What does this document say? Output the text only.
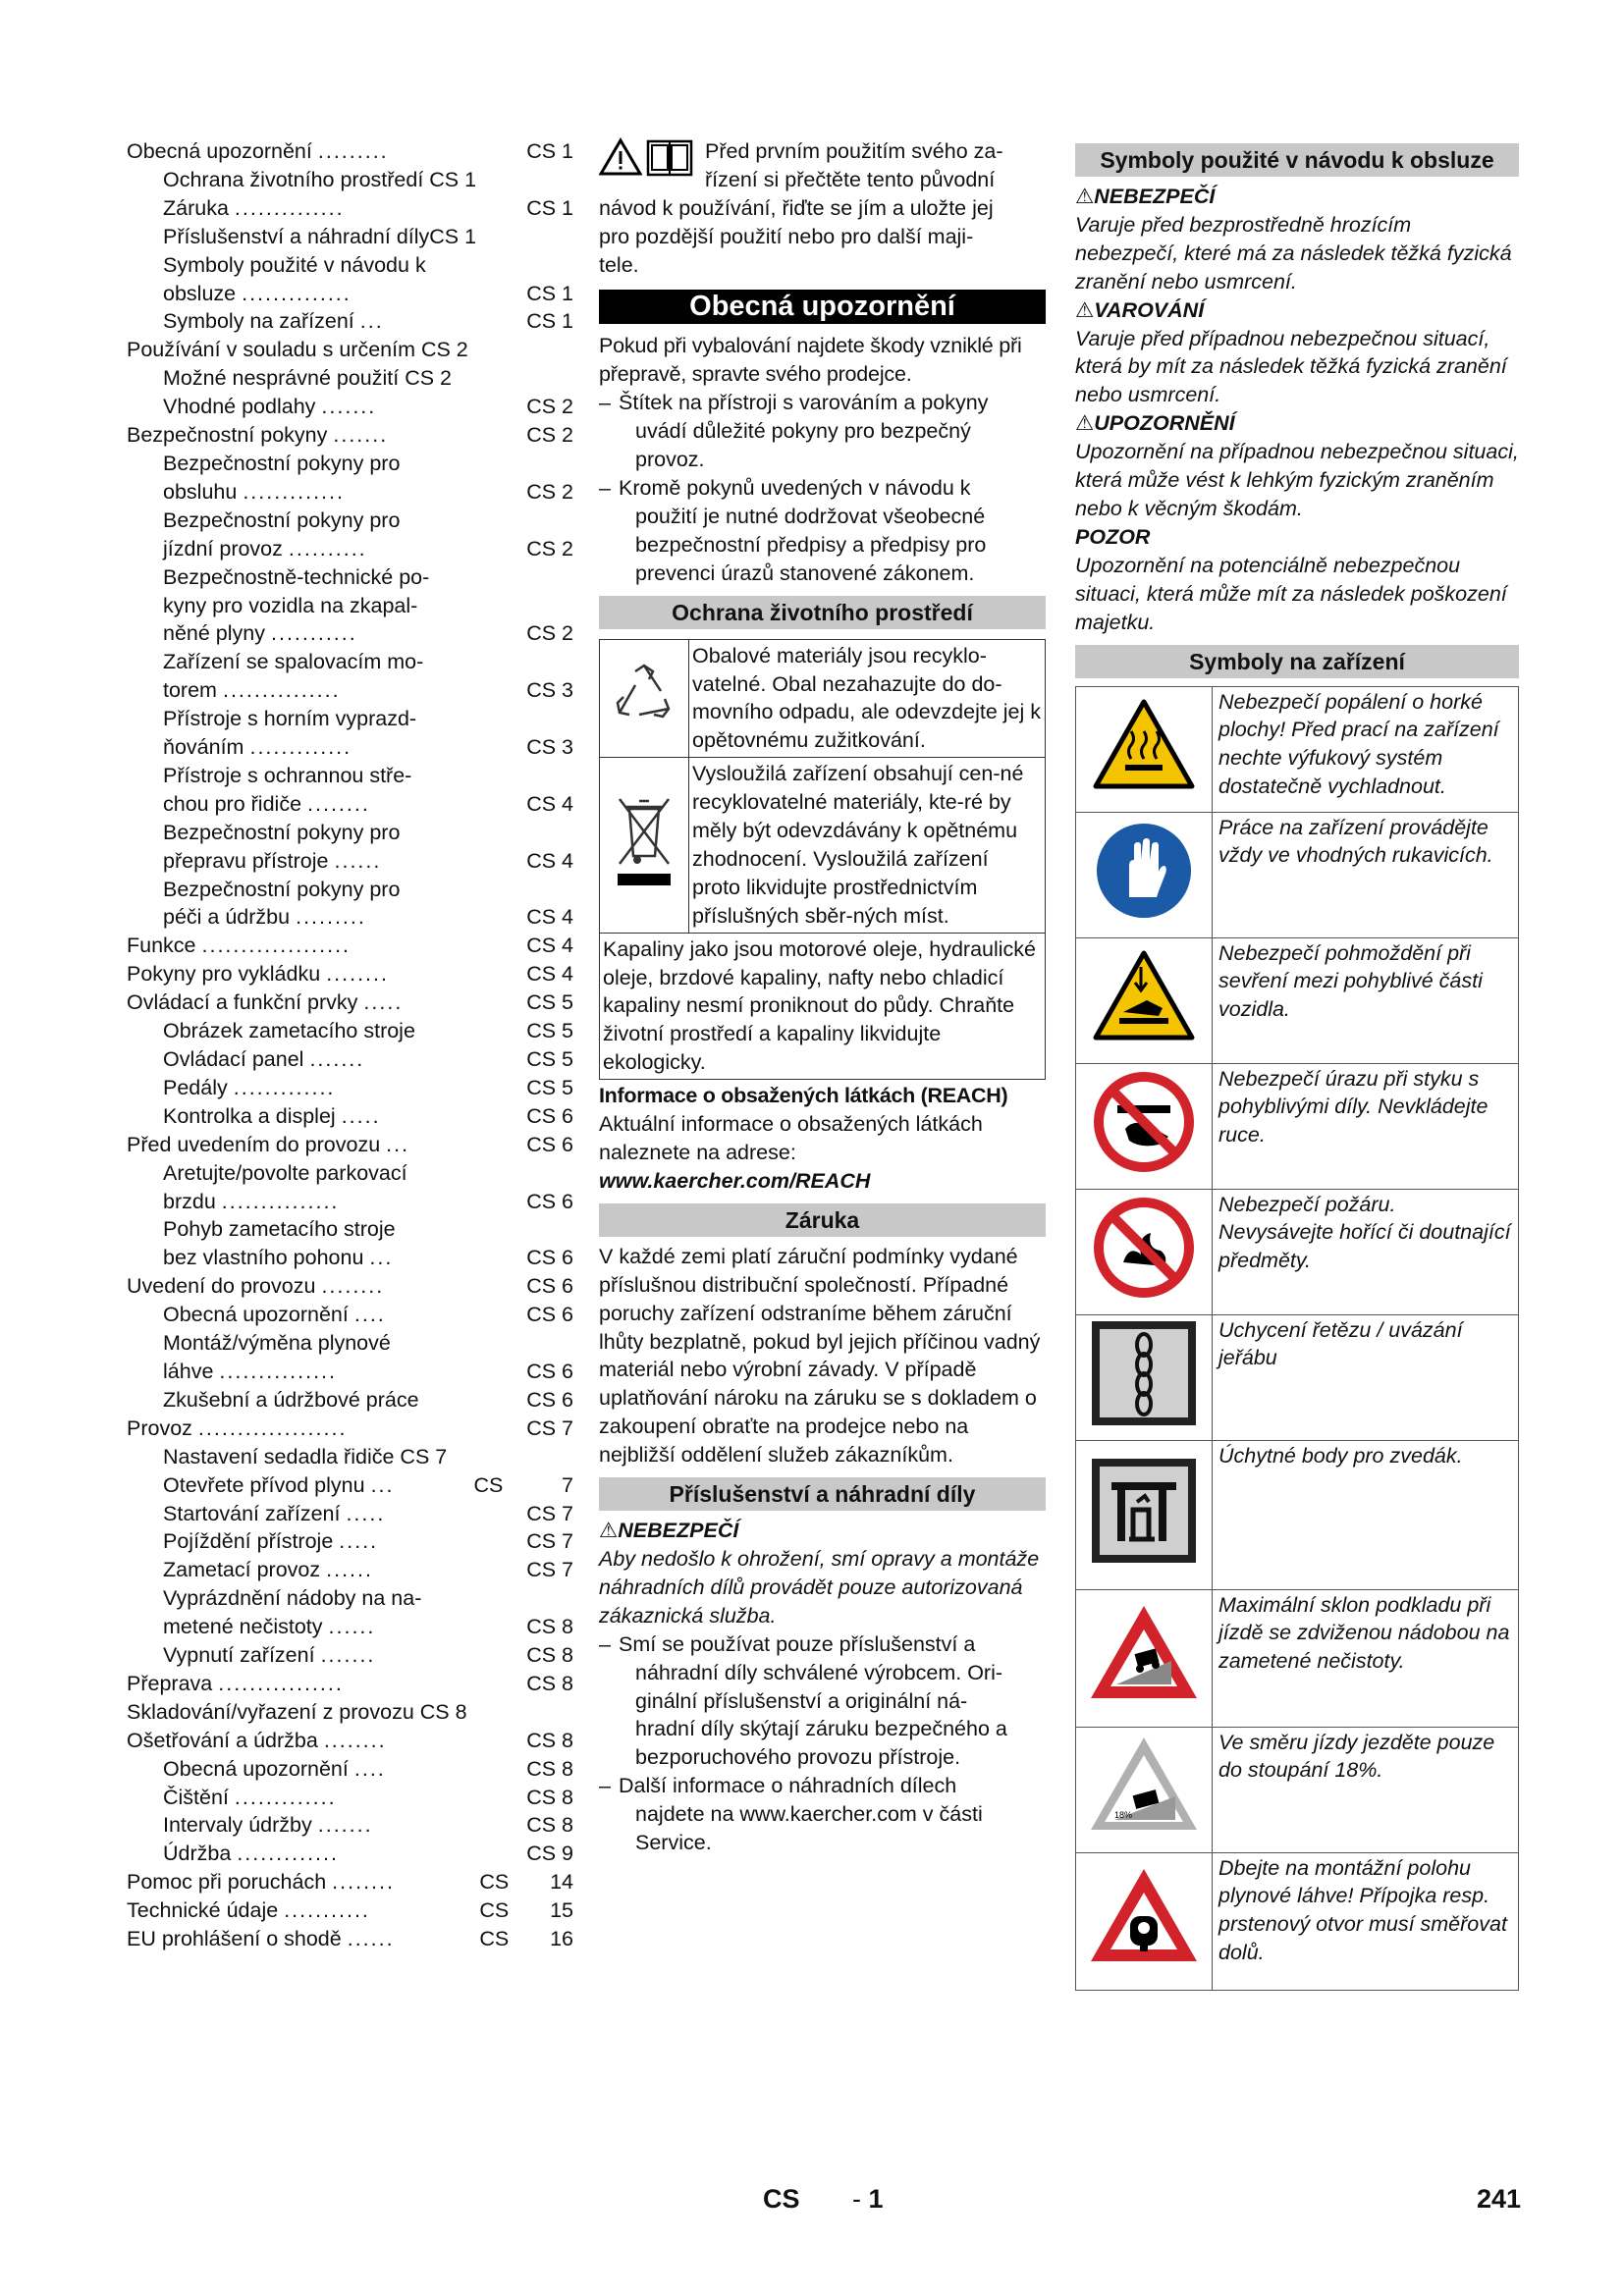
Obecná upozornění .........	CS 1
Ochrana životního prostředí CS 1
Záruka ..............	CS 1
Příslušenství a náhradní dílyCS 1
Symboly použité v návodu k
obsluze ..............	CS 1
Symboly na zařízení ...	CS 1
Používání v souladu s určením CS 2
Možné nesprávné použití CS 2
Vhodné podlahy .......	CS 2
Bezpečnostní pokyny .......	CS 2
Bezpečnostní pokyny pro
obsluhu .............	CS 2
Bezpečnostní pokyny pro
jízdní provoz ..........	CS 2
Bezpečnostně-technické po-
kyny pro vozidla na zkapal-
něné plyny ...........	CS 2
Zařízení se spalovacím mo-
torem ...............	CS 3
Přístroje s horním vyprazd-
ňováním .............	CS 3
Přístroje s ochrannou stře-
chou pro řidiče ........	CS 4
Bezpečnostní pokyny pro
přepravu přístroje ......	CS 4
Bezpečnostní pokyny pro
péči a údržbu .........	CS 4
Funkce ...................	CS 4
Pokyny pro vykládku ........	CS 4
Ovládací a funkční prvky .....	CS 5
Obrázek zametacího stroje	CS 5
Ovládací panel .......	CS 5
Pedály .............	CS 5
Kontrolka a displej .....	CS 6
Před uvedením do provozu ...	CS 6
Aretujte/povolte parkovací
brzdu ...............	CS 6
Pohyb zametacího stroje
bez vlastního pohonu ...	CS 6
Uvedení do provozu ........	CS 6
Obecná upozornění ....	CS 6
Montáž/výměna plynové
láhve ...............	CS 6
Zkušební a údržbové práce	CS 6
Provoz ...................	CS 7
Nastavení sedadla řidiče CS 7
Otevřete přívod plynu ...	CS          7
Startování zařízení .....	CS 7
Pojíždění přístroje .....	CS 7
Zametací provoz ......	CS 7
Vyprázdnění nádoby na na-
metené nečistoty ......	CS 8
Vypnutí zařízení .......	CS 8
Přeprava ................	CS 8
Skladování/vyřazení z provozu CS 8
Ošetřování a údržba ........	CS 8
Obecná upozornění ....	CS 8
Čištění .............	CS 8
Intervaly údržby .......	CS 8
Údržba .............	CS 9
Pomoc při poruchách ........	CS       14
Technické údaje ...........	CS       15
EU prohlášení o shodě ......	CS       16
Před prvním použitím svého za-
řízení si přečtěte tento původní
návod k používání, řiďte se jím a uložte jej
pro pozdější použití nebo pro další maji-
tele.
Obecná upozornění

Pokud při vybalování najdete škody vzniklé při přepravě, spravte svého prodejce.

– Štítek na přístroji s varováním a pokyny
uvádí důležité pokyny pro bezpečný
provoz.
– Kromě pokynů uvedených v návodu k
použití je nutné dodržovat všeobecné
bezpečnostní předpisy a předpisy pro
prevenci úrazů stanovené zákonem.
Ochrana životního prostředí
	Obalové materiály jsou recyklo-vatelné. Obal nezahazujte do do-movního odpadu, ale odevzdejte jej k opětovnému zužitkování.
	Vysloužilá zařízení obsahují cen-né recyklovatelné materiály, kte-ré by měly být odevzdávány k opětnému zhodnocení. Vysloužilá zařízení proto likvidujte prostřednictvím příslušných sběr-ných míst.
Kapaliny jako jsou motorové oleje, hydraulické oleje, brzdové kapaliny, nafty nebo chladicí kapaliny nesmí proniknout do půdy. Chraňte životní prostředí a kapaliny likvidujte ekologicky.	
Informace o obsažených látkách (REACH)
Aktuální informace o obsažených látkách naleznete na adrese:
www.kaercher.com/REACH
Záruka

V každé zemi platí záruční podmínky vydané příslušnou distribuční společností. Případné poruchy zařízení odstraníme během záruční lhůty bezplatně, pokud byl jejich příčinou vadný materiál nebo výrobní závady. V případě uplatňování nároku na záruku se s dokladem o zakoupení obraťte na prodejce nebo na nejbližší oddělení služeb zákazníkům.

Příslušenství a náhradní díly
⚠NEBEZPEČÍ

Aby nedošlo k ohrožení, smí opravy a montáže náhradních dílů provádět pouze autorizovaná zákaznická služba.

– Smí se používat pouze příslušenství a
náhradní díly schválené výrobcem. Ori-
ginální příslušenství a originální ná-
hradní díly skýtají záruku bezpečného a
bezporuchového provozu přístroje.
– Další informace o náhradních dílech
najdete na www.kaercher.com v části
Service.
Symboly použité v návodu k obsluze
⚠NEBEZPEČÍ

Varuje před bezprostředně hrozícím nebezpečí, které má za následek těžká fyzická zranění nebo usmrcení.

⚠VAROVÁNÍ

Varuje před případnou nebezpečnou situací, která by mít za následek těžká fyzická zranění nebo usmrcení.

⚠UPOZORNĚNÍ

Upozornění na případnou nebezpečnou situaci, která může vést k lehkým fyzickým zraněním nebo k věcným škodám.

POZOR

Upozornění na potenciálně nebezpečnou situaci, která může mít za následek poškození majetku.

Symboly na zařízení
	Nebezpečí popálení o horké plochy! Před prací na zařízení nechte výfukový systém dostatečně vychladnout.
	Práce na zařízení provádějte vždy ve vhodných rukavicích.
	Nebezpečí pohmoždění při sevření mezi pohyblivé části vozidla.
	Nebezpečí úrazu při styku s pohyblivými díly. Nevkládejte ruce.
	Nebezpečí požáru. Nevysávejte hořící či doutnající předměty.
	Uchycení řetězu / uvázání jeřábu
	Úchytné body pro zvedák.
	Maximální sklon podkladu při jízdě se zdviženou nádobou na zametené nečistoty.

18%	Ve směru jízdy jezděte pouze do stoupání 18%.
	Dbejte na montážní polohu plynové láhve! Přípojka resp. prstenový otvor musí směřovat dolů.
CS - 1	241
